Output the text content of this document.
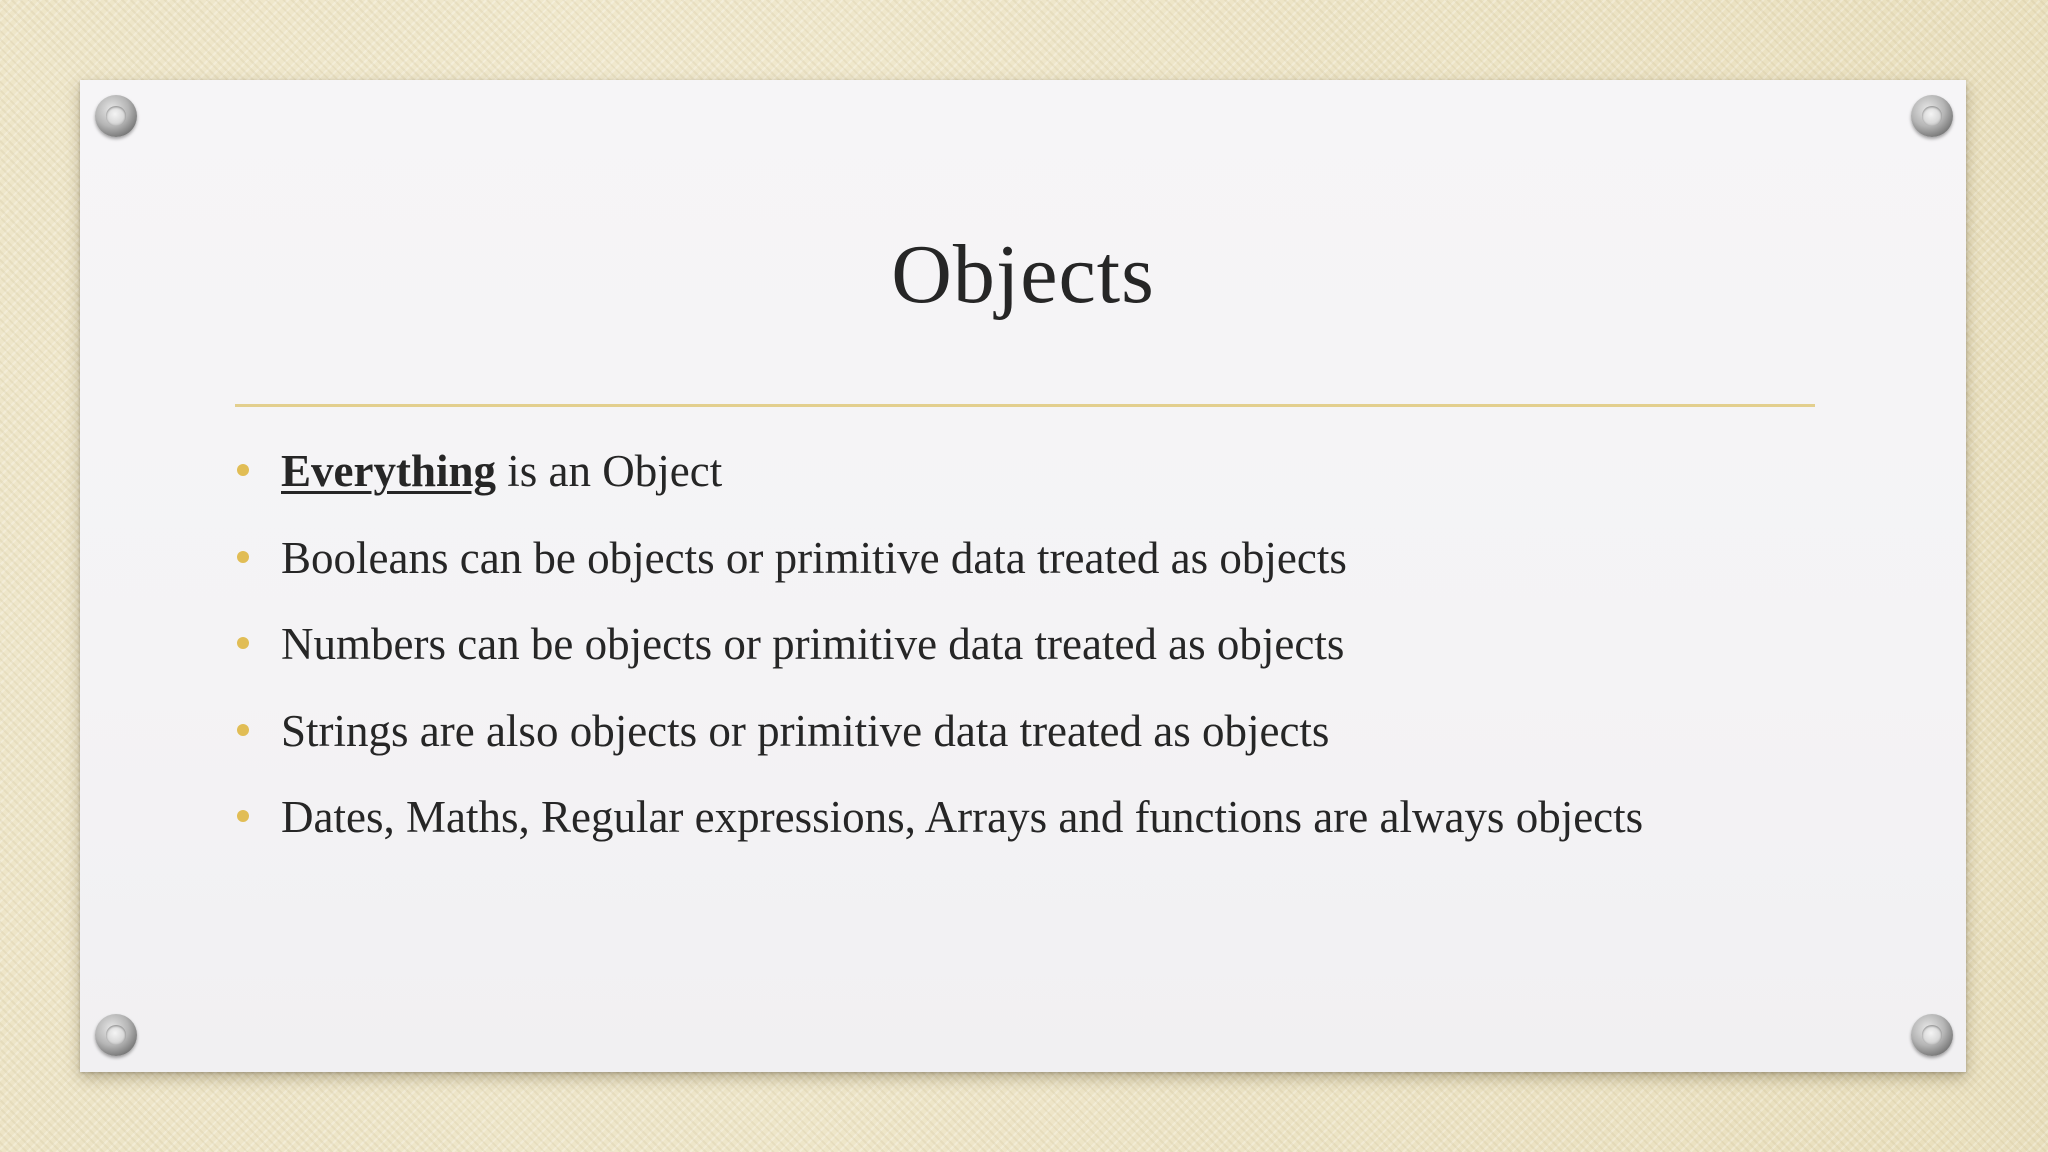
Objects
Everything is an Object
Booleans can be objects or primitive data treated as objects
Numbers can be objects or primitive data treated as objects
Strings are also objects or primitive data treated as objects
Dates, Maths, Regular expressions, Arrays and functions are always objects
